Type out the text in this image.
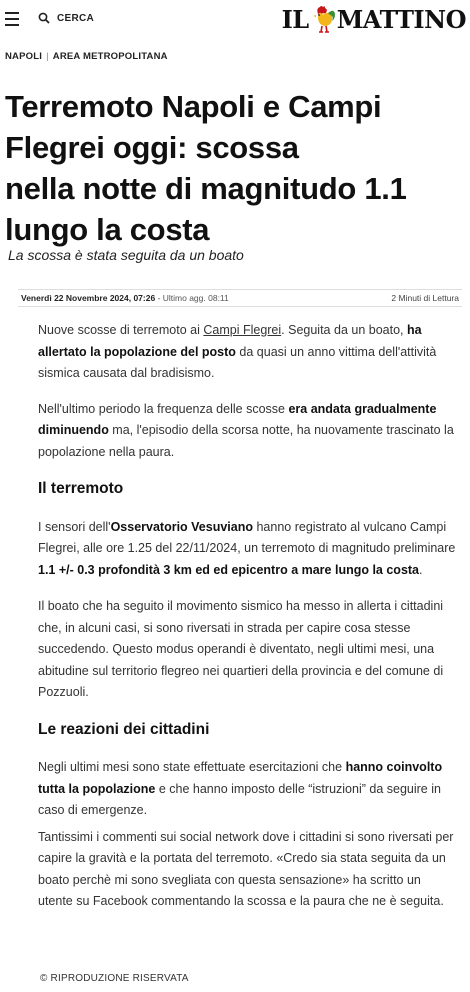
CERCA	IL MATTINO
NAPOLI | AREA METROPOLITANA
Terremoto Napoli e Campi
Flegrei oggi: scossa
nella notte di magnitudo 1.1
lungo la costa
La scossa è stata seguita da un boato
Venerdì 22 Novembre 2024, 07:26 - Ultimo agg. 08:11	2 Minuti di Lettura

Nuove scosse di terremoto ai Campi Flegrei. Seguita da un boato, ha allertato la popolazione del posto da quasi un anno vittima dell'attività sismica causata dal bradisismo.

Nell'ultimo periodo la frequenza delle scosse era andata gradualmente diminuendo ma, l'episodio della scorsa notte, ha nuovamente trascinato la popolazione nella paura.

Il terremoto

I sensori dell'Osservatorio Vesuviano hanno registrato al vulcano Campi Flegrei, alle ore 1.25 del 22/11/2024, un terremoto di magnitudo preliminare 1.1 +/- 0.3 profondità 3 km ed ed epicentro a mare lungo la costa.

Il boato che ha seguito il movimento sismico ha messo in allerta i cittadini che, in alcuni casi, si sono riversati in strada per capire cosa stesse succedendo. Questo modus operandi è diventato, negli ultimi mesi, una abitudine sul territorio flegreo nei quartieri della provincia e del comune di Pozzuoli.

Le reazioni dei cittadini

Negli ultimi mesi sono state effettuate esercitazioni che hanno coinvolto tutta la popolazione e che hanno imposto delle “istruzioni” da seguire in caso di emergenze.

Tantissimi i commenti sui social network dove i cittadini si sono riversati per capire la gravità e la portata del terremoto. «Credo sia stata seguita da un boato perchè mi sono svegliata con questa sensazione» ha scritto un utente su Facebook commentando la scossa e la paura che ne è seguita.

© RIPRODUZIONE RISERVATA
